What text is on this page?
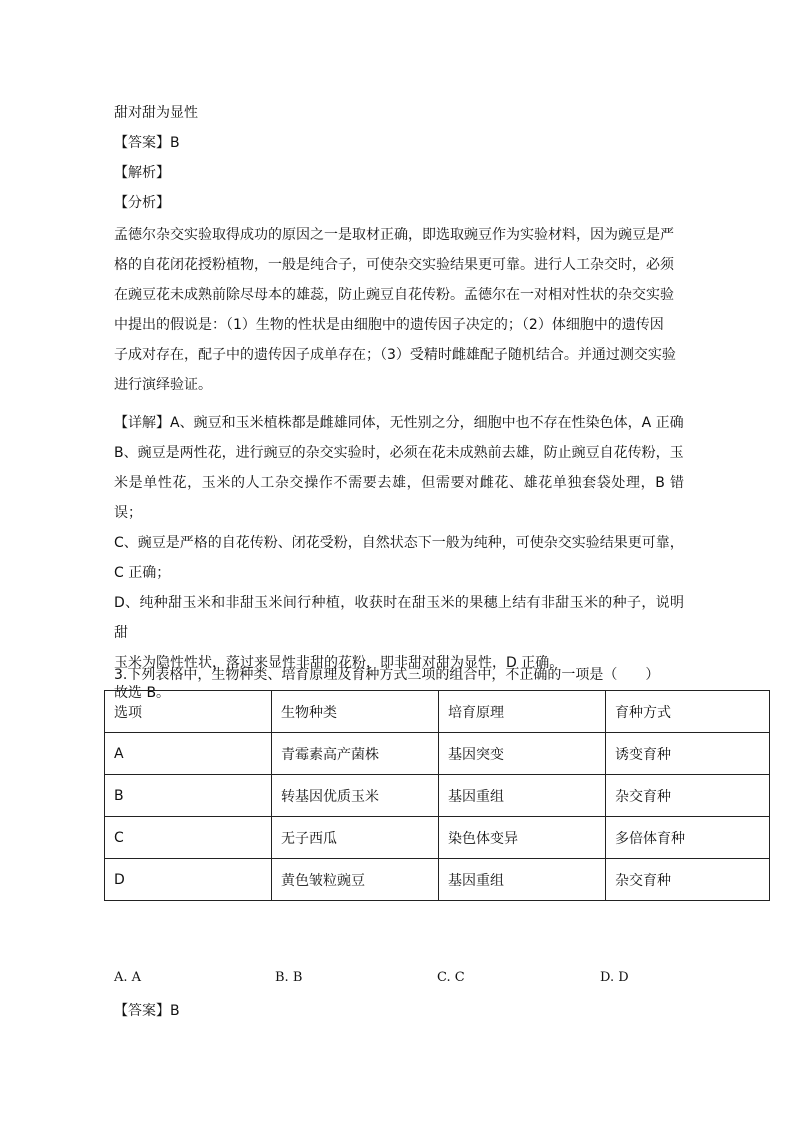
甜对甜为显性
【答案】B
【解析】
【分析】
孟德尔杂交实验取得成功的原因之一是取材正确，即选取豌豆作为实验材料，因为豌豆是严
格的自花闭花授粉植物，一般是纯合子，可使杂交实验结果更可靠。进行人工杂交时，必须
在豌豆花未成熟前除尽母本的雄蕊，防止豌豆自花传粉。孟德尔在一对相对性状的杂交实验
中提出的假说是：（1）生物的性状是由细胞中的遗传因子决定的；（2）体细胞中的遗传因
子成对存在，配子中的遗传因子成单存在；（3）受精时雌雄配子随机结合。并通过测交实验
进行演绎验证。
【详解】A、豌豆和玉米植株都是雌雄同体，无性别之分，细胞中也不存在性染色体，A 正确
B、豌豆是两性花，进行豌豆的杂交实验时，必须在花未成熟前去雄，防止豌豆自花传粉，玉
米是单性花，玉米的人工杂交操作不需要去雄，但需要对雌花、雄花单独套袋处理，B 错误；
C、豌豆是严格的自花传粉、闭花受粉，自然状态下一般为纯种，可使杂交实验结果更可靠，
C 正确；
D、纯种甜玉米和非甜玉米间行种植，收获时在甜玉米的果穗上结有非甜玉米的种子，说明甜
玉米为隐性性状，落过来显性非甜的花粉，即非甜对甜为显性，D 正确。
故选 B。
3.下列表格中，生物种类、培育原理及育种方式三项的组合中，不正确的一项是（　　）
选项	生物种类	培育原理	育种方式
A	青霉素高产菌株	基因突变	诱变育种
B	转基因优质玉米	基因重组	杂交育种
C	无子西瓜	染色体变异	多倍体育种
D	黄色皱粒豌豆	基因重组	杂交育种
A. A	B. B	C. C	D. D
【答案】B
